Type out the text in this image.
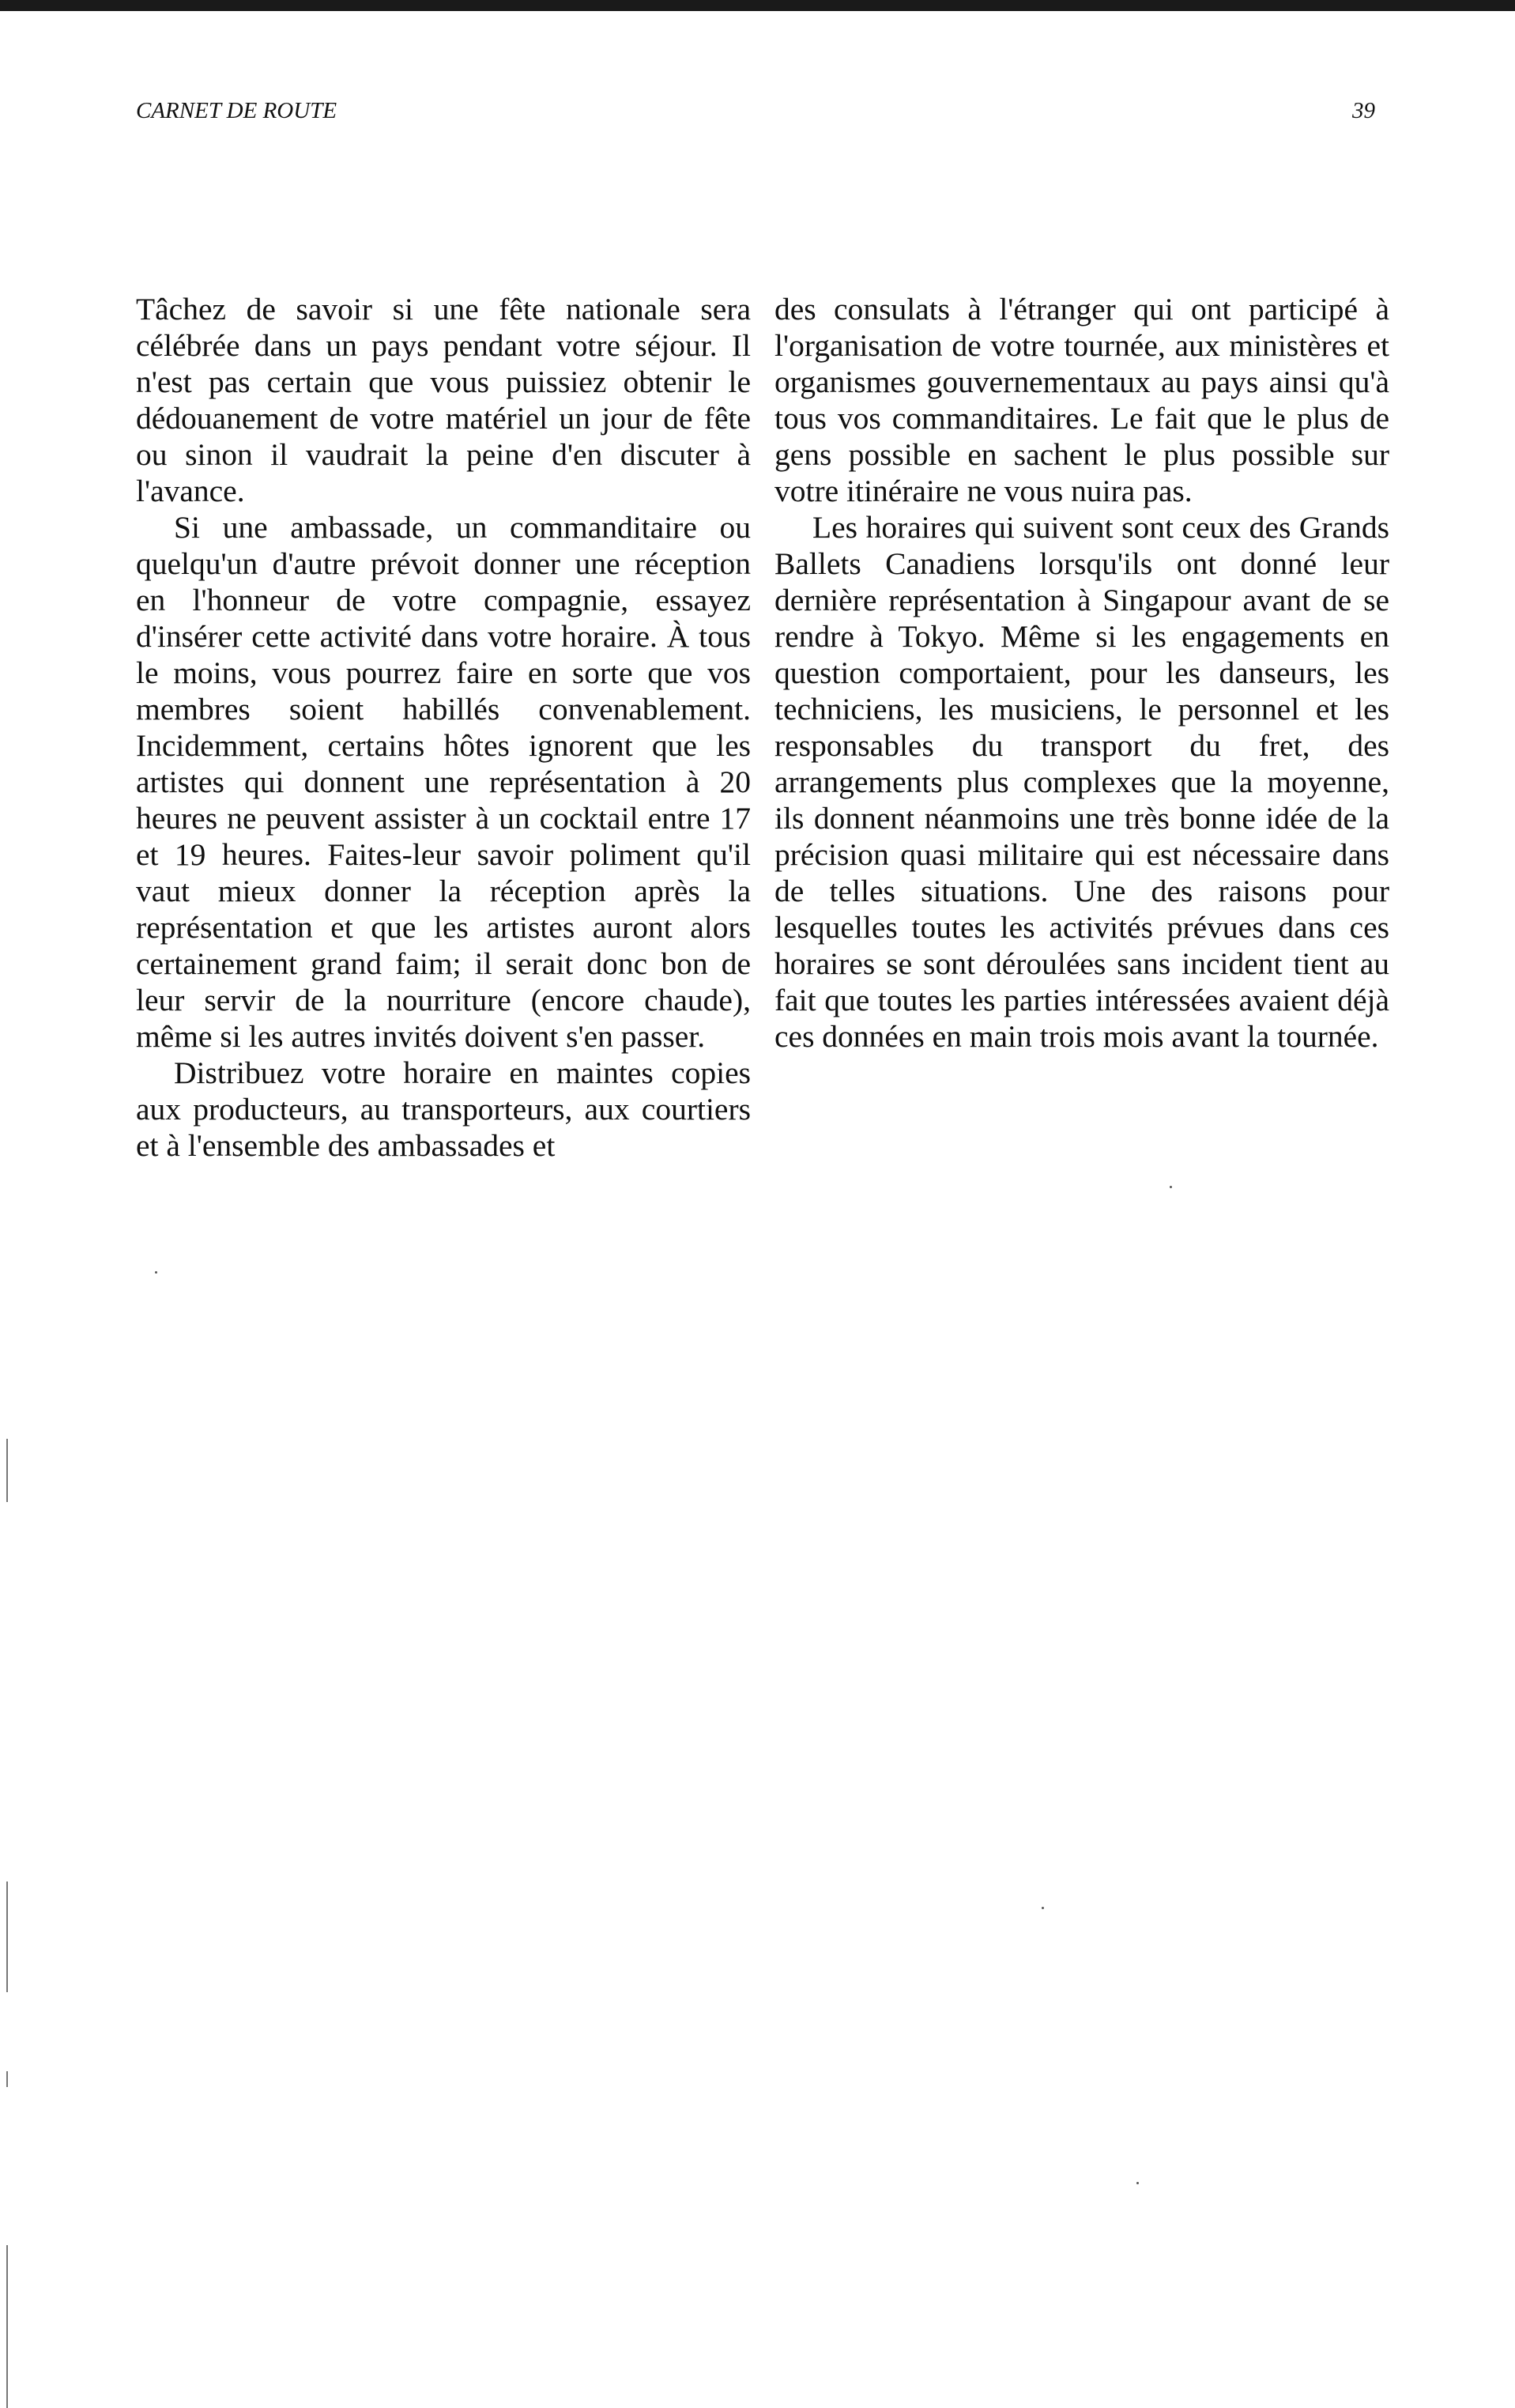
CARNET DE ROUTE	39

Tâchez de savoir si une fête nationale sera célébrée dans un pays pendant votre séjour. Il n'est pas certain que vous puissiez obtenir le dédouanement de votre matériel un jour de fête ou sinon il vaudrait la peine d'en discuter à l'avance.

Si une ambassade, un commanditaire ou quelqu'un d'autre prévoit donner une réception en l'honneur de votre compagnie, essayez d'insérer cette activité dans votre horaire. À tous le moins, vous pourrez faire en sorte que vos membres soient habillés convenablement. Incidemment, certains hôtes ignorent que les artistes qui donnent une représentation à 20 heures ne peuvent assister à un cocktail entre 17 et 19 heures. Faites-leur savoir poliment qu'il vaut mieux donner la réception après la représentation et que les artistes auront alors certainement grand faim; il serait donc bon de leur servir de la nourriture (encore chaude), même si les autres invités doivent s'en passer.

Distribuez votre horaire en maintes copies aux producteurs, au transporteurs, aux courtiers et à l'ensemble des ambassades et

des consulats à l'étranger qui ont participé à l'organisation de votre tournée, aux ministères et organismes gouvernementaux au pays ainsi qu'à tous vos commanditaires. Le fait que le plus de gens possible en sachent le plus possible sur votre itinéraire ne vous nuira pas.

Les horaires qui suivent sont ceux des Grands Ballets Canadiens lorsqu'ils ont donné leur dernière représentation à Singapour avant de se rendre à Tokyo. Même si les engagements en question comportaient, pour les danseurs, les techniciens, les musiciens, le personnel et les responsables du transport du fret, des arrangements plus complexes que la moyenne, ils donnent néanmoins une très bonne idée de la précision quasi militaire qui est nécessaire dans de telles situations. Une des raisons pour lesquelles toutes les activités prévues dans ces horaires se sont déroulées sans incident tient au fait que toutes les parties intéressées avaient déjà ces données en main trois mois avant la tournée.
